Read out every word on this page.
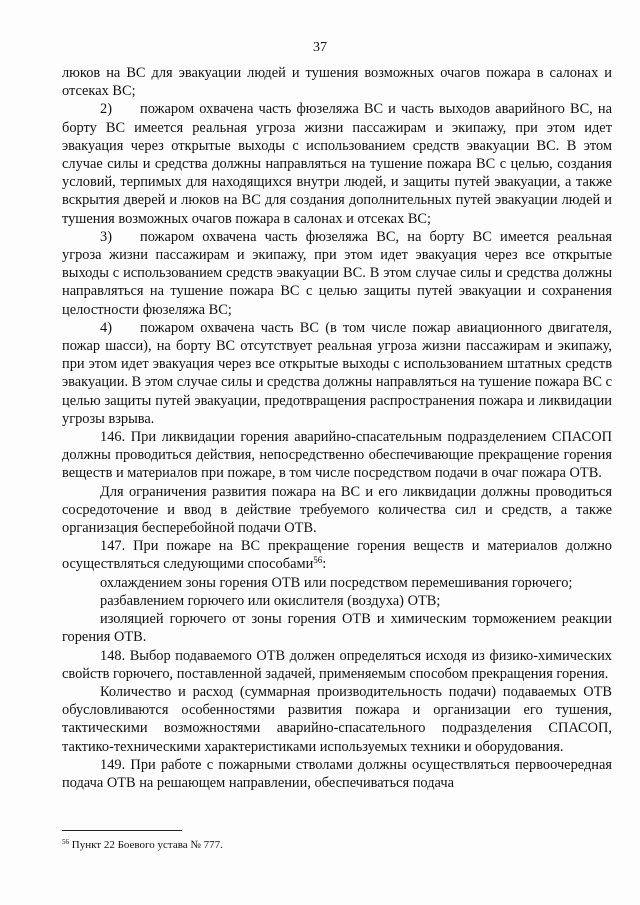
37

люков на ВС для эвакуации людей и тушения возможных очагов пожара в салонах и отсеках ВС;

2) пожаром охвачена часть фюзеляжа ВС и часть выходов аварийного ВС, на борту ВС имеется реальная угроза жизни пассажирам и экипажу, при этом идет эвакуация через открытые выходы с использованием средств эвакуации ВС. В этом случае силы и средства должны направляться на тушение пожара ВС с целью, создания условий, терпимых для находящихся внутри людей, и защиты путей эвакуации, а также вскрытия дверей и люков на ВС для создания дополнительных путей эвакуации людей и тушения возможных очагов пожара в салонах и отсеках ВС;

3) пожаром охвачена часть фюзеляжа ВС, на борту ВС имеется реальная угроза жизни пассажирам и экипажу, при этом идет эвакуация через все открытые выходы с использованием средств эвакуации ВС. В этом случае силы и средства должны направляться на тушение пожара ВС с целью защиты путей эвакуации и сохранения целостности фюзеляжа ВС;

4) пожаром охвачена часть ВС (в том числе пожар авиационного двигателя, пожар шасси), на борту ВС отсутствует реальная угроза жизни пассажирам и экипажу, при этом идет эвакуация через все открытые выходы с использованием штатных средств эвакуации. В этом случае силы и средства должны направляться на тушение пожара ВС с целью защиты путей эвакуации, предотвращения распространения пожара и ликвидации угрозы взрыва.

146. При ликвидации горения аварийно-спасательным подразделением СПАСОП должны проводиться действия, непосредственно обеспечивающие прекращение горения веществ и материалов при пожаре, в том числе посредством подачи в очаг пожара ОТВ.

Для ограничения развития пожара на ВС и его ликвидации должны проводиться сосредоточение и ввод в действие требуемого количества сил и средств, а также организация бесперебойной подачи ОТВ.

147. При пожаре на ВС прекращение горения веществ и материалов должно осуществляться следующими способами$^{56}$:

охлаждением зоны горения ОТВ или посредством перемешивания горючего;

разбавлением горючего или окислителя (воздуха) ОТВ;

изоляцией горючего от зоны горения ОТВ и химическим торможением реакции горения ОТВ.

148. Выбор подаваемого ОТВ должен определяться исходя из физико-химических свойств горючего, поставленной задачей, применяемым способом прекращения горения.

Количество и расход (суммарная производительность подачи) подаваемых ОТВ обусловливаются особенностями развития пожара и организации его тушения, тактическими возможностями аварийно-спасательного подразделения СПАСОП, тактико-техническими характеристиками используемых техники и оборудования.

149. При работе с пожарными стволами должны осуществляться первоочередная подача ОТВ на решающем направлении, обеспечиваться подача

$^{56}$ Пункт 22 Боевого устава № 777.
